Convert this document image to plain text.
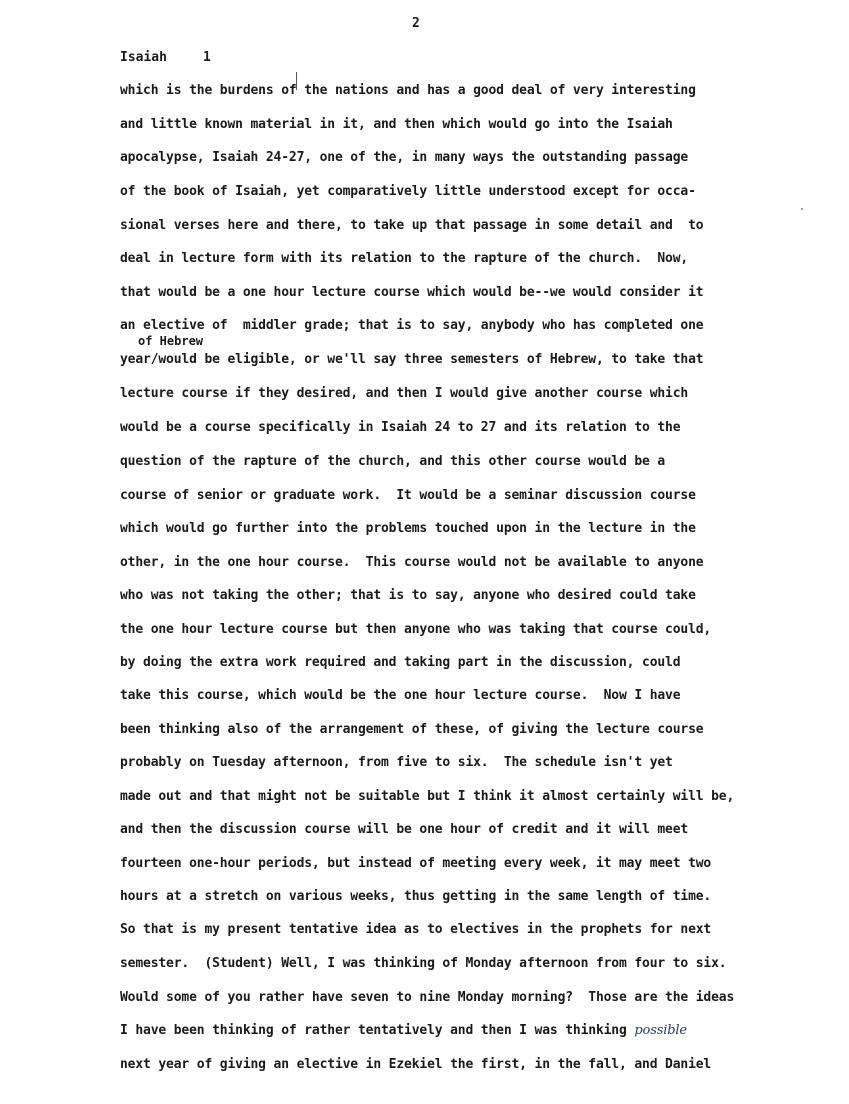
2
Isaiah	1
which is the burdens of the nations and has a good deal of very interesting
and little known material in it, and then which would go into the Isaiah
apocalypse, Isaiah 24-27, one of the, in many ways the outstanding passage
of the book of Isaiah, yet comparatively little understood except for occa-
sional verses here and there, to take up that passage in some detail and  to
deal in lecture form with its relation to the rapture of the church.  Now,
that would be a one hour lecture course which would be--we would consider it
an elective of  middler grade; that is to say, anybody who has completed one
of Hebrew
year/would be eligible, or we'll say three semesters of Hebrew, to take that
lecture course if they desired, and then I would give another course which
would be a course specifically in Isaiah 24 to 27 and its relation to the
question of the rapture of the church, and this other course would be a
course of senior or graduate work.  It would be a seminar discussion course
which would go further into the problems touched upon in the lecture in the
other, in the one hour course.  This course would not be available to anyone
who was not taking the other; that is to say, anyone who desired could take
the one hour lecture course but then anyone who was taking that course could,
by doing the extra work required and taking part in the discussion, could
take this course, which would be the one hour lecture course.  Now I have
been thinking also of the arrangement of these, of giving the lecture course
probably on Tuesday afternoon, from five to six.  The schedule isn't yet
made out and that might not be suitable but I think it almost certainly will be,
and then the discussion course will be one hour of credit and it will meet
fourteen one-hour periods, but instead of meeting every week, it may meet two
hours at a stretch on various weeks, thus getting in the same length of time.
So that is my present tentative idea as to electives in the prophets for next
semester.  (Student) Well, I was thinking of Monday afternoon from four to six.
Would some of you rather have seven to nine Monday morning?  Those are the ideas
I have been thinking of rather tentatively and then I was thinking possible
next year of giving an elective in Ezekiel the first, in the fall, and Daniel
